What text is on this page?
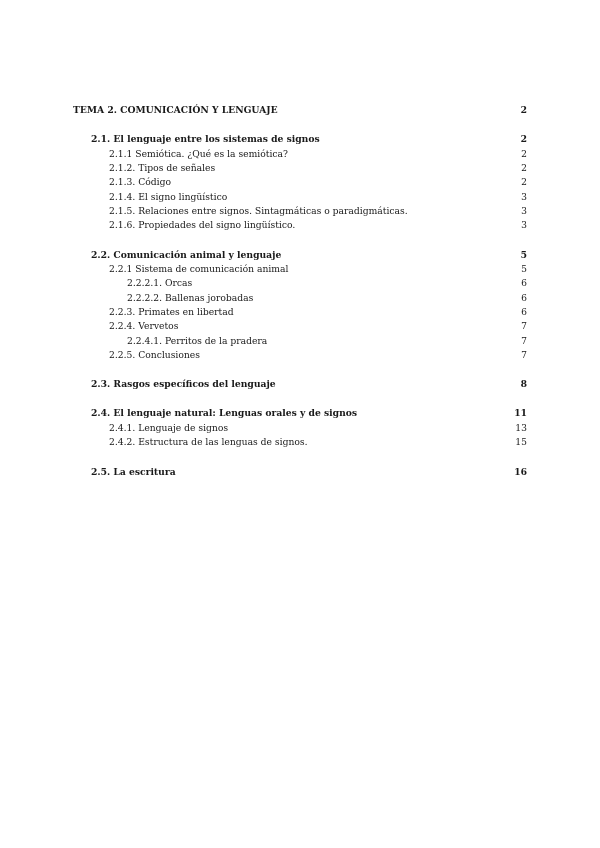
TEMA 2. COMUNICACIÓN Y LENGUAJE	2
2.1. El lenguaje entre los sistemas de signos	2
2.1.1 Semiótica. ¿Qué es la semiótica?	2
2.1.2. Tipos de señales	2
2.1.3. Código	2
2.1.4. El signo lingüístico	3
2.1.5. Relaciones entre signos. Sintagmáticas o paradigmáticas.	3
2.1.6. Propiedades del signo lingüístico.	3
2.2. Comunicación animal y lenguaje	5
2.2.1 Sistema de comunicación animal	5
2.2.2.1. Orcas	6
2.2.2.2. Ballenas jorobadas	6
2.2.3. Primates en libertad	6
2.2.4. Vervetos	7
2.2.4.1. Perritos de la pradera	7
2.2.5. Conclusiones	7
2.3. Rasgos específicos del lenguaje	8
2.4. El lenguaje natural: Lenguas orales y de signos	11
2.4.1. Lenguaje de signos	13
2.4.2. Estructura de las lenguas de signos.	15
2.5. La escritura	16
